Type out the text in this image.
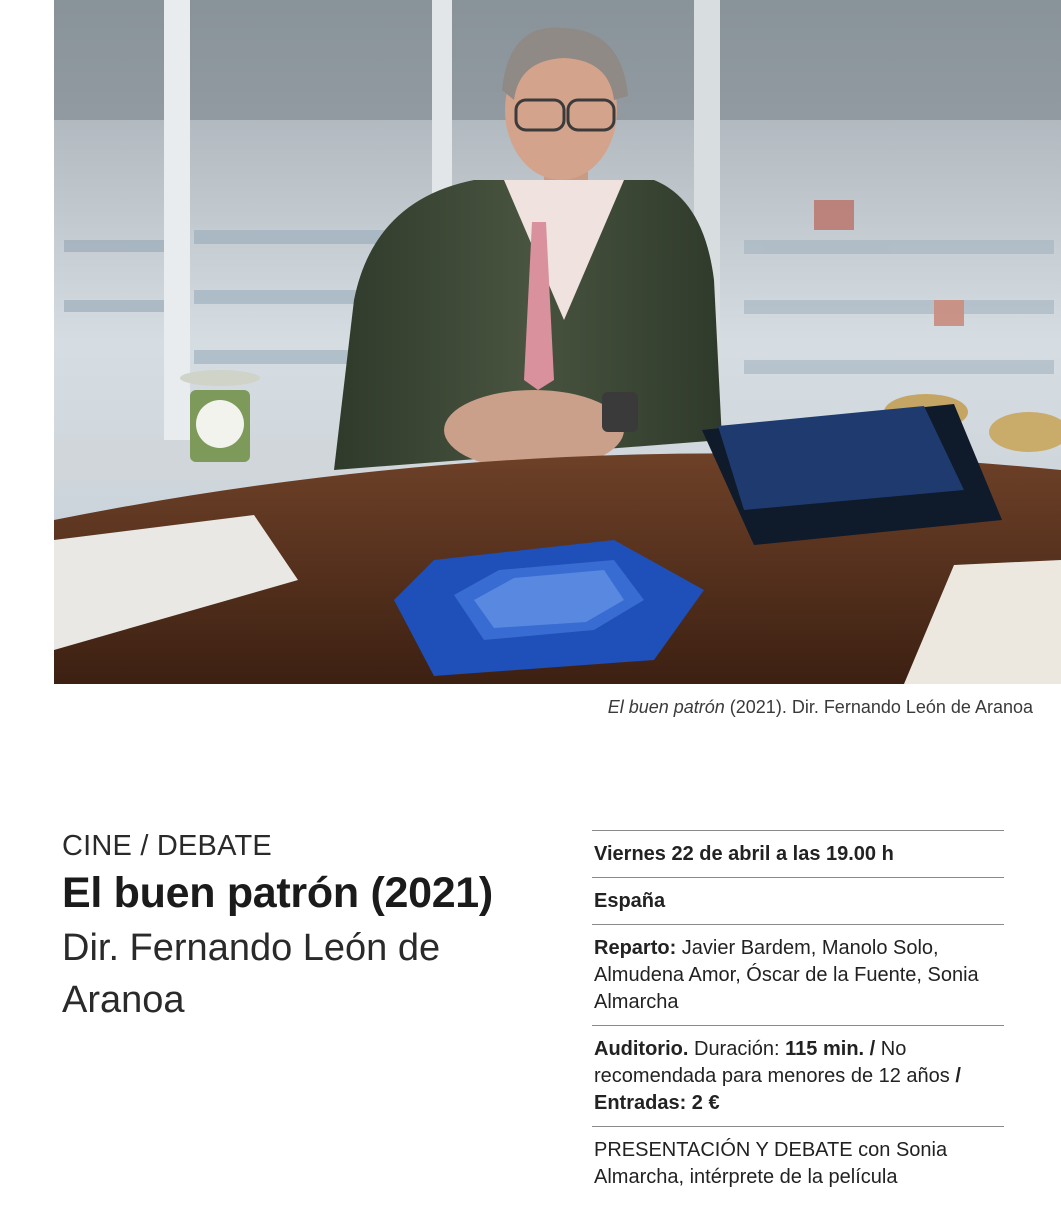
El buen patrón (2021). Dir. Fernando León de Aranoa
CINE / DEBATE
El buen patrón (2021)
Dir. Fernando León de Aranoa
Viernes 22 de abril a las 19.00 h
España
Reparto: Javier Bardem, Manolo Solo, Almudena Amor, Óscar de la Fuente, Sonia Almarcha
Auditorio. Duración: 115 min. / No recomendada para menores de 12 años / Entradas: 2 €
PRESENTACIÓN Y DEBATE con Sonia Almarcha, intérprete de la película
